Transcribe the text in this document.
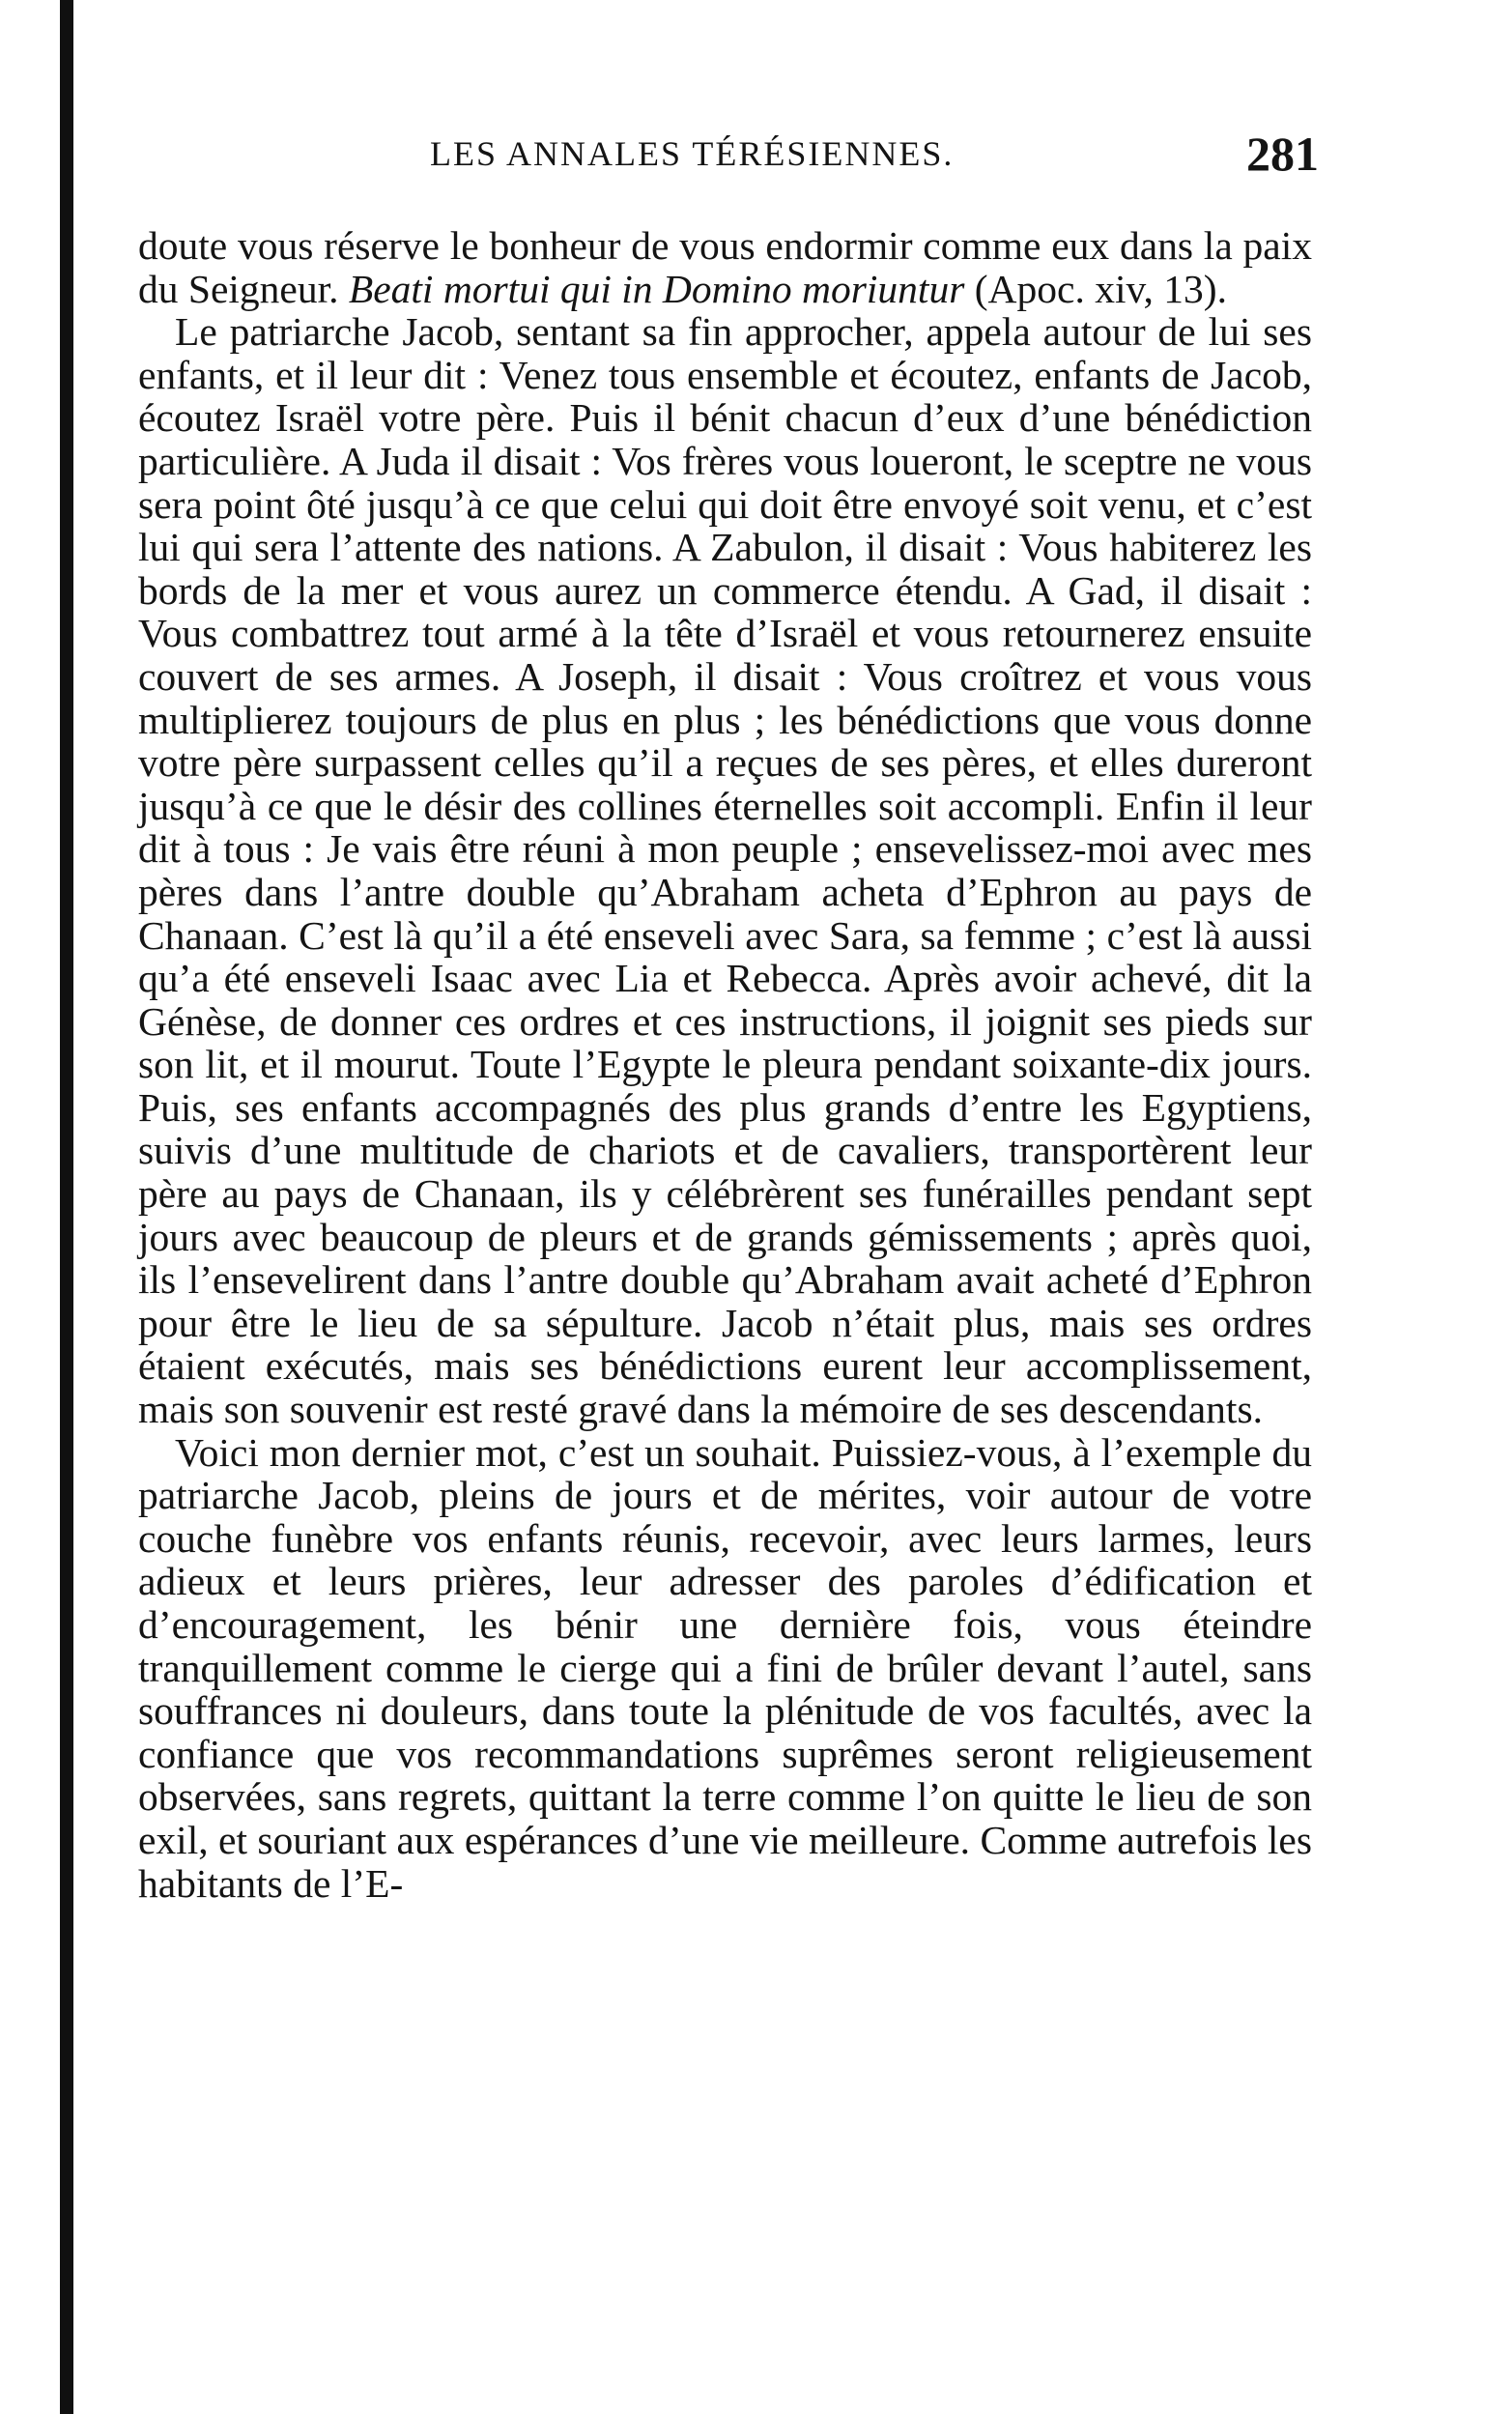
LES ANNALES TÉRÉSIENNES.	281

doute vous réserve le bonheur de vous endormir comme eux dans la paix du Seigneur. Beati mortui qui in Domino moriuntur (Apoc. xiv, 13).

Le patriarche Jacob, sentant sa fin approcher, appela autour de lui ses enfants, et il leur dit : Venez tous ensemble et écoutez, enfants de Jacob, écoutez Israël votre père. Puis il bénit chacun d’eux d’une bénédiction particulière. A Juda il disait : Vos frères vous loueront, le sceptre ne vous sera point ôté jusqu’à ce que celui qui doit être envoyé soit venu, et c’est lui qui sera l’attente des nations. A Zabulon, il disait : Vous habiterez les bords de la mer et vous aurez un commerce étendu. A Gad, il disait : Vous combattrez tout armé à la tête d’Israël et vous retournerez ensuite couvert de ses armes. A Joseph, il disait : Vous croîtrez et vous vous multiplierez toujours de plus en plus ; les bénédictions que vous donne votre père surpassent celles qu’il a reçues de ses pères, et elles dureront jusqu’à ce que le désir des collines éternelles soit accompli. Enfin il leur dit à tous : Je vais être réuni à mon peuple ; ensevelissez-moi avec mes pères dans l’antre double qu’Abraham acheta d’Ephron au pays de Chanaan. C’est là qu’il a été enseveli avec Sara, sa femme ; c’est là aussi qu’a été enseveli Isaac avec Lia et Rebecca. Après avoir achevé, dit la Génèse, de donner ces ordres et ces instructions, il joignit ses pieds sur son lit, et il mourut. Toute l’Egypte le pleura pendant soixante-dix jours. Puis, ses enfants accompagnés des plus grands d’entre les Egyptiens, suivis d’une multitude de chariots et de cavaliers, transportèrent leur père au pays de Chanaan, ils y célébrèrent ses funérailles pendant sept jours avec beaucoup de pleurs et de grands gémissements ; après quoi, ils l’ensevelirent dans l’antre double qu’Abraham avait acheté d’Ephron pour être le lieu de sa sépulture. Jacob n’était plus, mais ses ordres étaient exécutés, mais ses bénédictions eurent leur accomplissement, mais son souvenir est resté gravé dans la mémoire de ses descendants.

Voici mon dernier mot, c’est un souhait. Puissiez-vous, à l’exemple du patriarche Jacob, pleins de jours et de mérites, voir autour de votre couche funèbre vos enfants réunis, recevoir, avec leurs larmes, leurs adieux et leurs prières, leur adresser des paroles d’édification et d’encouragement, les bénir une dernière fois, vous éteindre tranquillement comme le cierge qui a fini de brûler devant l’autel, sans souffrances ni douleurs, dans toute la plénitude de vos facultés, avec la confiance que vos recommandations suprêmes seront religieusement observées, sans regrets, quittant la terre comme l’on quitte le lieu de son exil, et souriant aux espérances d’une vie meilleure. Comme autrefois les habitants de l’E-
